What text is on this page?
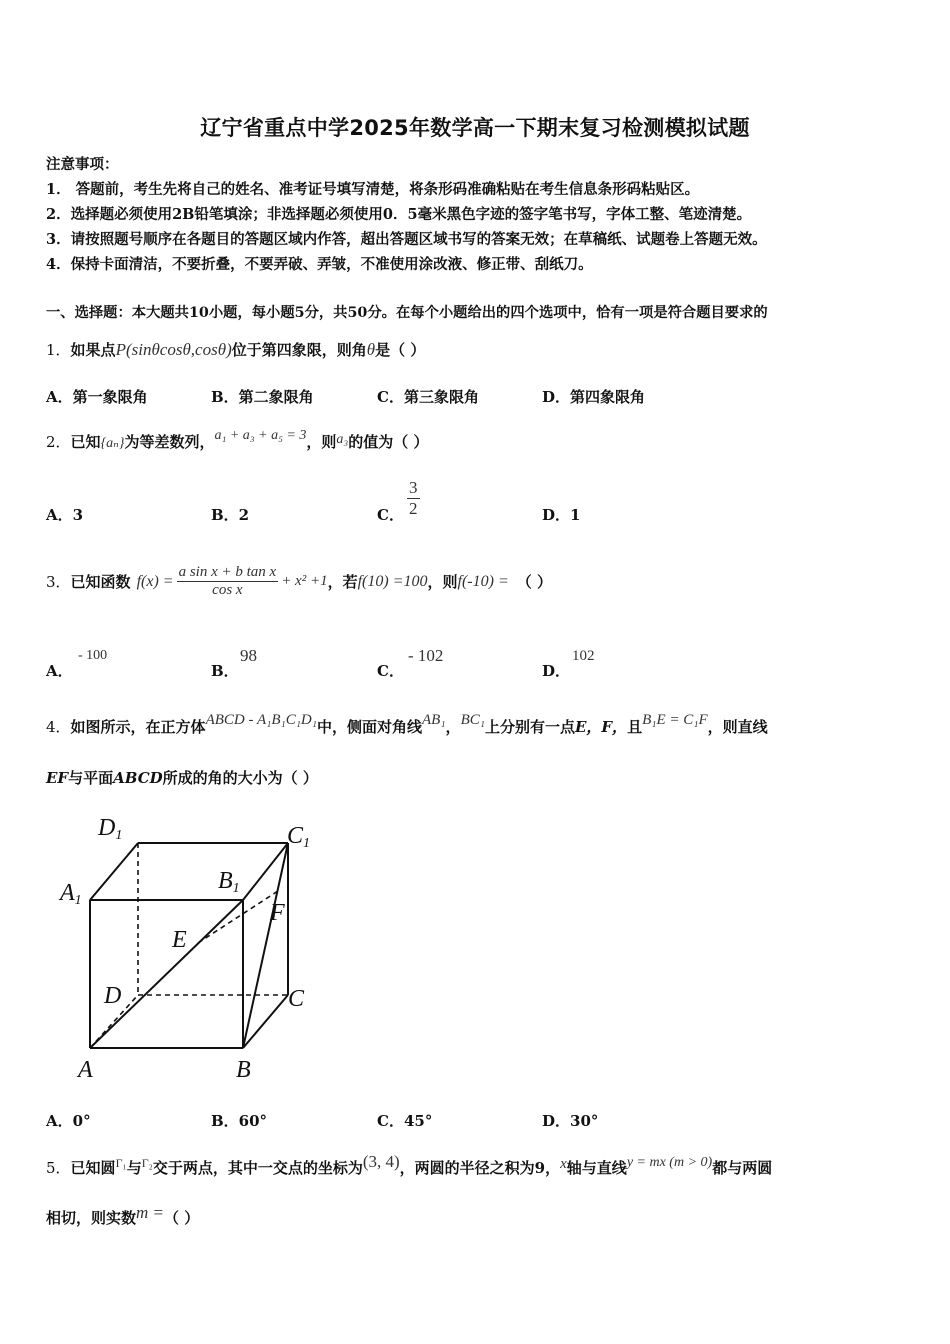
辽宁省重点中学2025年数学高一下期末复习检测模拟试题
注意事项：
1． 答题前，考生先将自己的姓名、准考证号填写清楚，将条形码准确粘贴在考生信息条形码粘贴区。
2．选择题必须使用2B铅笔填涂；非选择题必须使用0．5毫米黑色字迹的签字笔书写，字体工整、笔迹清楚。
3．请按照题号顺序在各题目的答题区域内作答，超出答题区域书写的答案无效；在草稿纸、试题卷上答题无效。
4．保持卡面清洁，不要折叠，不要弄破、弄皱，不准使用涂改液、修正带、刮纸刀。
一、选择题：本大题共10小题，每小题5分，共50分。在每个小题给出的四个选项中，恰有一项是符合题目要求的
1．如果点P(sinθcosθ,cosθ)位于第四象限，则角θ是（ ）
A．第一象限角	B．第二象限角	C．第三象限角	D．第四象限角
2．已知{aₙ}为等差数列，a₁ + a₃ + a₅ = 3，则a₃的值为（ ）
A．3	B．2	C． $\frac{3}{2}$	D．1
3． 已知函数 $f(x) = \frac{\text{a sin x + b tan x}}{\text{cos x}} + x^2 +1$ ，若 f(10) =100 ，则 f(-10) = （ ）
A．
- 100
B．
98
C．
- 102
D．
102
4．如图所示，在正方体ABCD - A₁B₁C₁D₁中，侧面对角线AB₁，BC₁上分别有一点E，F，且B₁E = C₁F，则直线
EF与平面ABCD所成的角的大小为（ ）
D1	C1
A1
B1
E
F
D	C
A	B
A．0°	B．60°	C．45°	D．30°
5．已知圆$^{\Gamma_1}$与$^{\Gamma_2}$交于两点，其中一交点的坐标为(3, 4)，两圆的半径之积为9，x轴与直线y = mx (m > 0)都与两圆
相切，则实数m =（ ）
